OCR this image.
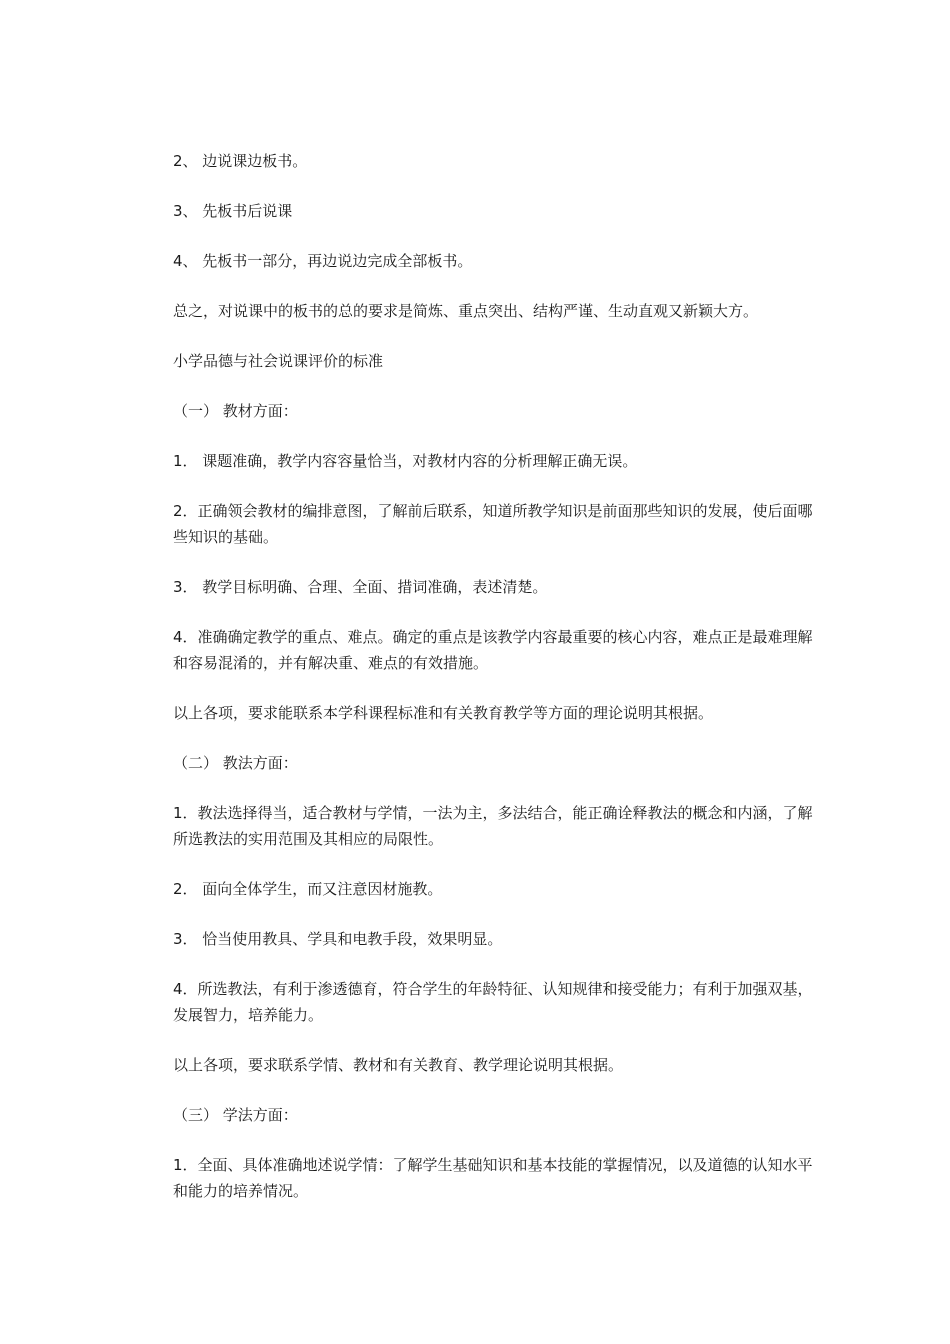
2、 边说课边板书。

3、 先板书后说课

4、 先板书一部分，再边说边完成全部板书。

总之，对说课中的板书的总的要求是简炼、重点突出、结构严谨、生动直观又新颖大方。

小学品德与社会说课评价的标准

（一） 教材方面：

1． 课题准确，教学内容容量恰当，对教材内容的分析理解正确无误。

2．正确领会教材的编排意图，了解前后联系，知道所教学知识是前面那些知识的发展，使后面哪些知识的基础。

3． 教学目标明确、合理、全面、措词准确，表述清楚。

4．准确确定教学的重点、难点。确定的重点是该教学内容最重要的核心内容，难点正是最难理解和容易混淆的，并有解决重、难点的有效措施。

以上各项，要求能联系本学科课程标准和有关教育教学等方面的理论说明其根据。

（二） 教法方面：

1．教法选择得当，适合教材与学情，一法为主，多法结合，能正确诠释教法的概念和内涵，了解所选教法的实用范围及其相应的局限性。

2． 面向全体学生，而又注意因材施教。

3． 恰当使用教具、学具和电教手段，效果明显。

4．所选教法，有利于渗透德育，符合学生的年龄特征、认知规律和接受能力；有利于加强双基，发展智力，培养能力。

以上各项，要求联系学情、教材和有关教育、教学理论说明其根据。

（三） 学法方面：

1．全面、具体准确地述说学情：了解学生基础知识和基本技能的掌握情况，以及道德的认知水平和能力的培养情况。
